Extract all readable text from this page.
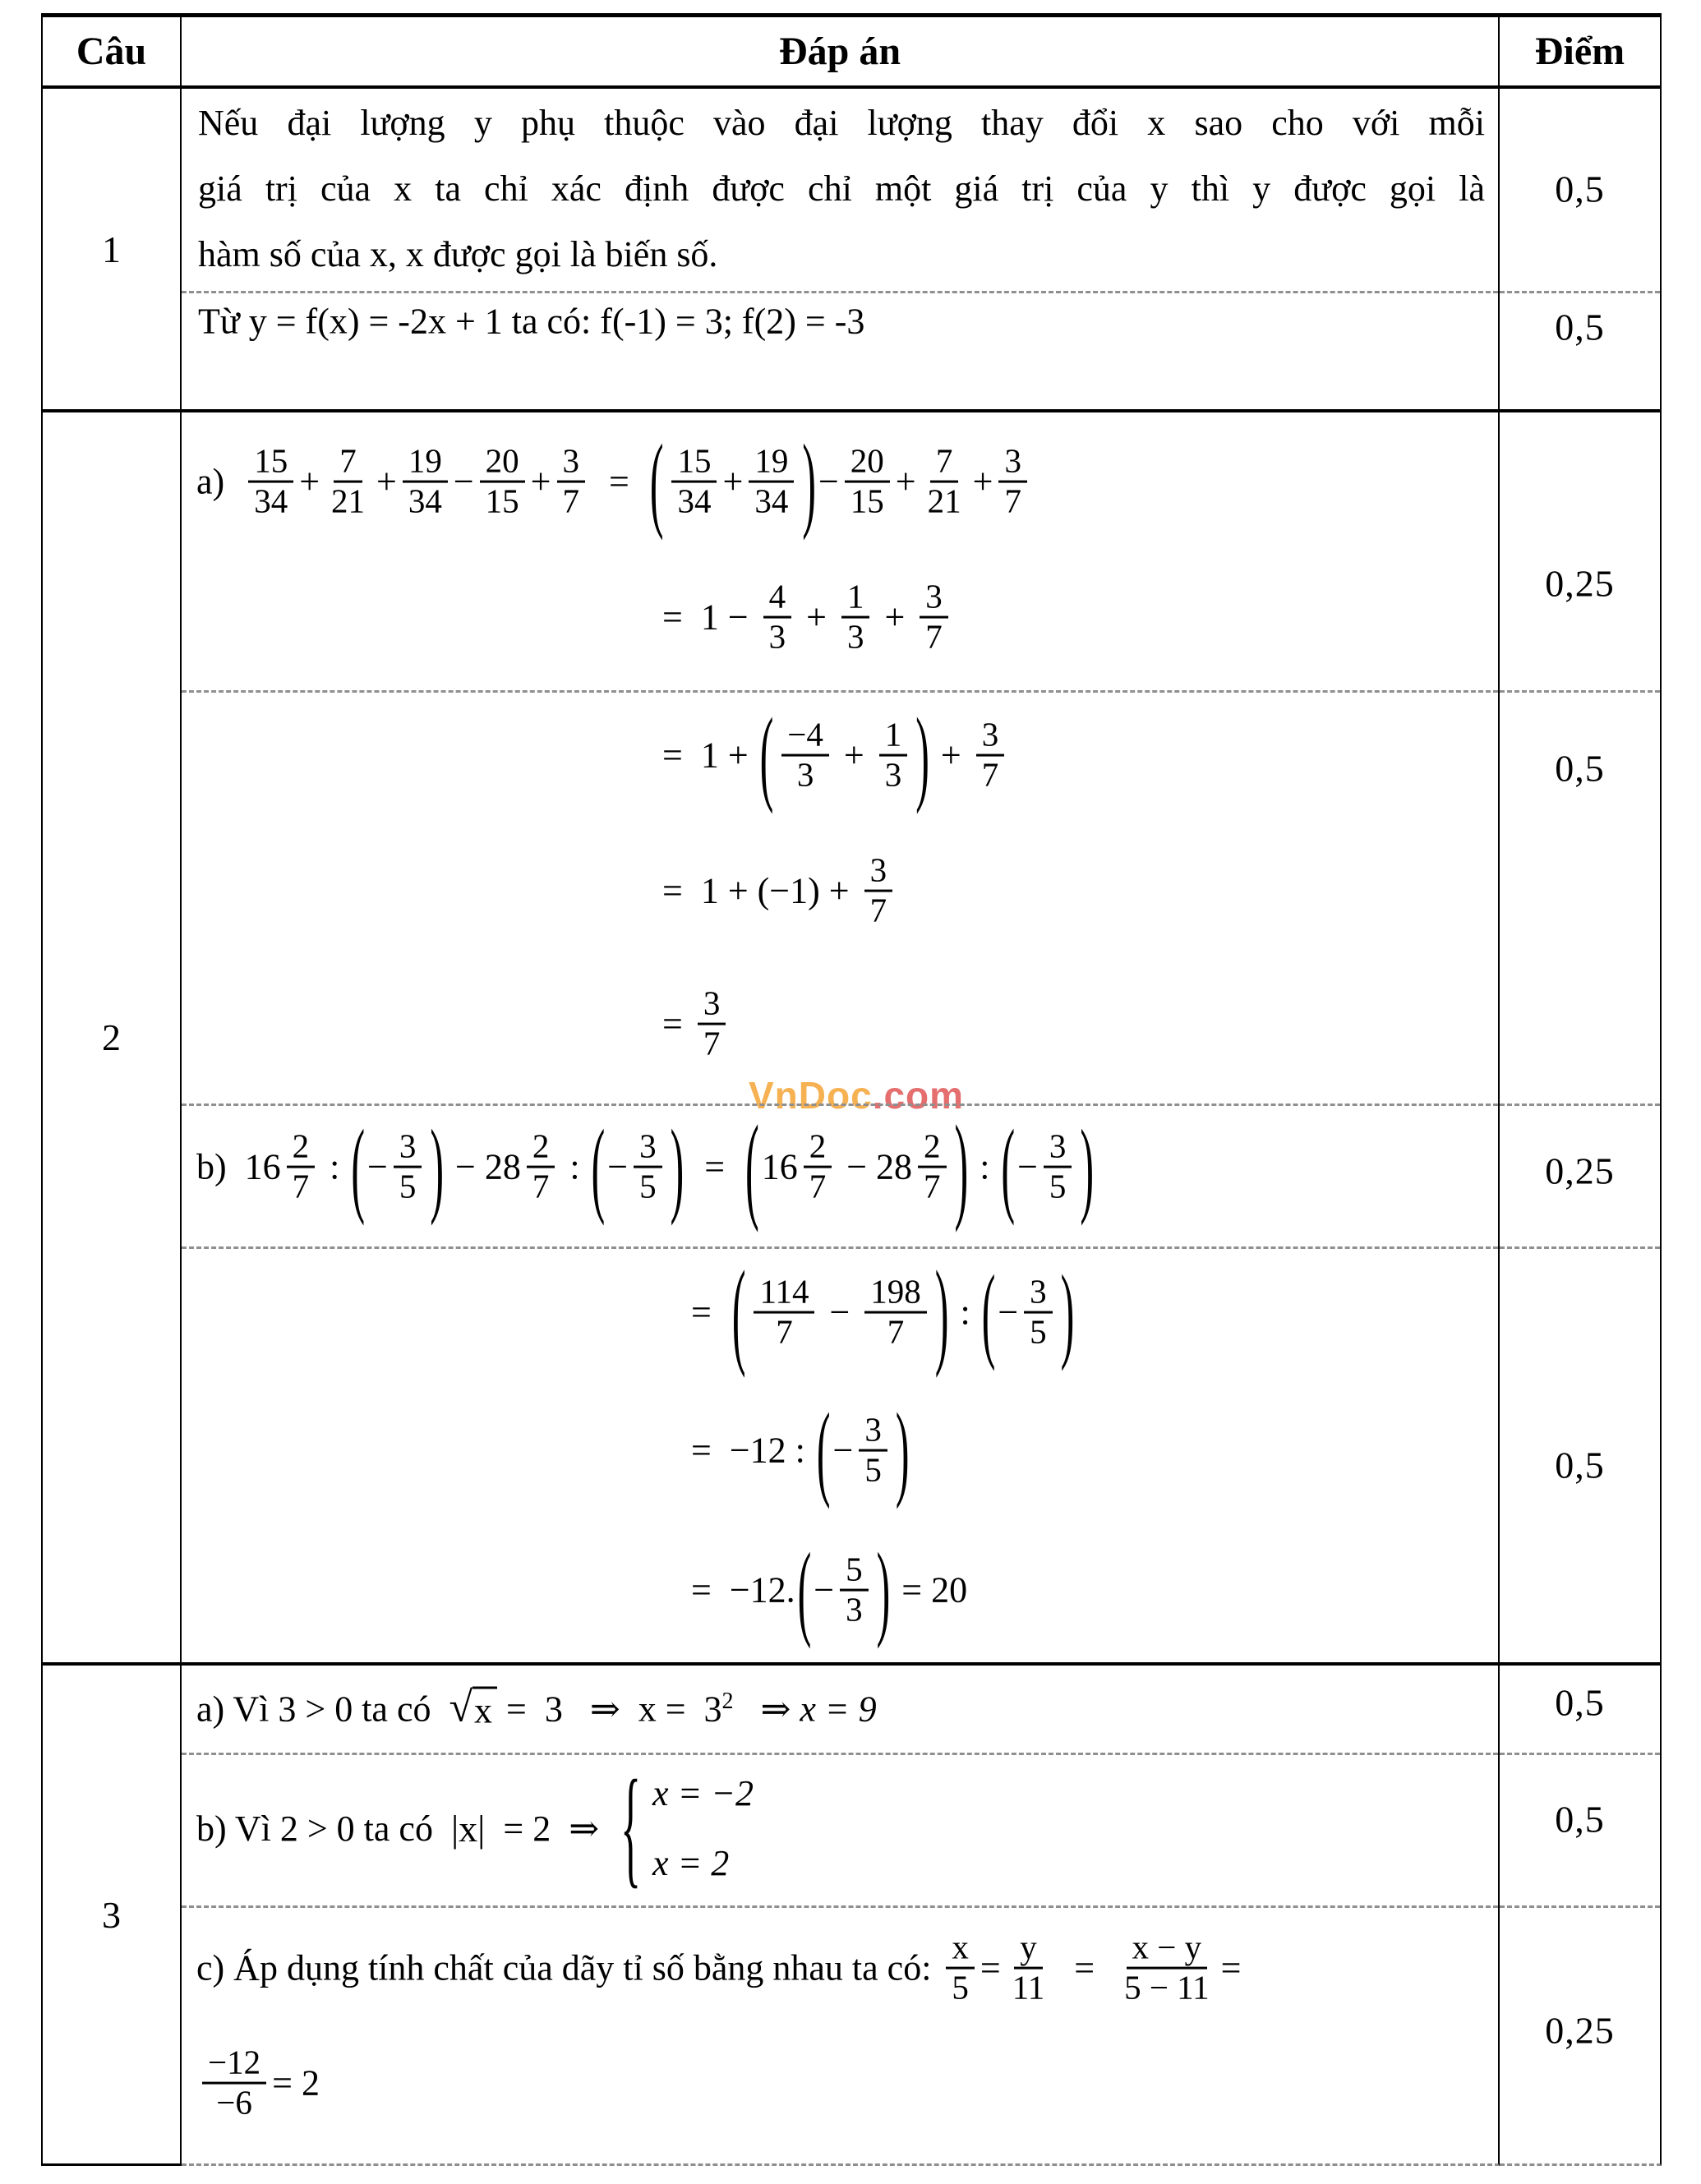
Câu	Đáp án	Điểm
1
Nếu đại lượng y phụ thuộc vào đại lượng thay đổi x sao cho với mỗi
giá trị của x ta chỉ xác định được chỉ một giá trị của y thì y được gọi là
hàm số của x, x được gọi là biến số.
Từ y = f(x) = -2x + 1 ta có: f(-1) = 3; f(2) = -3
0,5
0,5
2
VnDoc.com
$a) \frac{15}{34} + \frac{7}{21} + \frac{19}{34} - \frac{20}{15} + \frac{3}{7}$ = ( $\frac{15}{34} + \frac{19}{34}$ ) − $\frac{20}{15} + \frac{7}{21} + \frac{3}{7}$
=  $1 - \frac{4}{3} + \frac{1}{3} + \frac{3}{7}$
=  1 + ( $\frac{-4}{3} + \frac{1}{3}$ ) + $\frac{3}{7}$
=  $1 + (-1) + \frac{3}{7}$
= $\frac{3}{7}$
b)  $16 \frac{2}{7}$ : ( − $\frac{3}{5}$ ) − $28 \frac{2}{7}$ : ( − $\frac{3}{5}$ ) = ( $16 \frac{2}{7} - 28 \frac{2}{7}$ ) : ( − $\frac{3}{5}$ )
= ( $\frac{114}{7} - \frac{198}{7}$ ) : ( − $\frac{3}{5}$ )
=  −12 : ( − $\frac{3}{5}$ )
=  −12. ( − $\frac{5}{3}$ ) = 20
0,25
0,5
0,25
0,5
3
a) Vì 3 > 0 ta có √ x =  3   ⇒  $x = 3^2$ ⇒ x = 9
b) Vì 2 > 0 ta có |x| = 2  ⇒ { x = −2
x = 2
c) Áp dụng tính chất của dãy tỉ số bằng nhau ta có: $\frac{x}{5} = \frac{y}{11} = \frac{x - y}{5 - 11}$ =
$\frac{-12}{-6} = 2$
0,5
0,5
0,25
